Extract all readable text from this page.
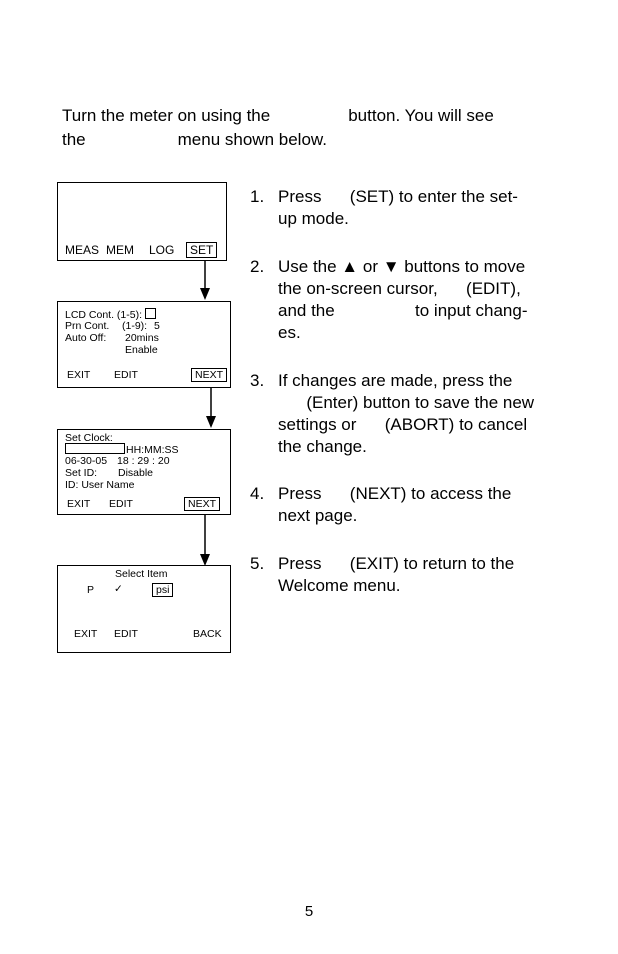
Turn the meter on using the	button. You will see
the	menu shown below.
MEAS MEM LOG	SET
LCD Cont. (1-5):
Prn Cont. (1-9): 5
Auto Off: 20mins
Enable
EXIT EDIT	NEXT
Set Clock:
HH:MM:SS
06-30-05 18 : 29 : 20
Set ID: Disable
ID: User Name
EXIT EDIT	NEXT
Select Item
P ✓	psi
EXIT EDIT	BACK
1. Press      (SET) to enter the set-
up mode.
2. Use the ▲ or ▼ buttons to move
the on-screen cursor,      (EDIT),
and the                 to input chang-
es.
3. If changes are made, press the
(Enter) button to save the new
settings or      (ABORT) to cancel
the change.
4. Press      (NEXT) to access the
next page.
5. Press      (EXIT) to return to the
Welcome menu.
5
